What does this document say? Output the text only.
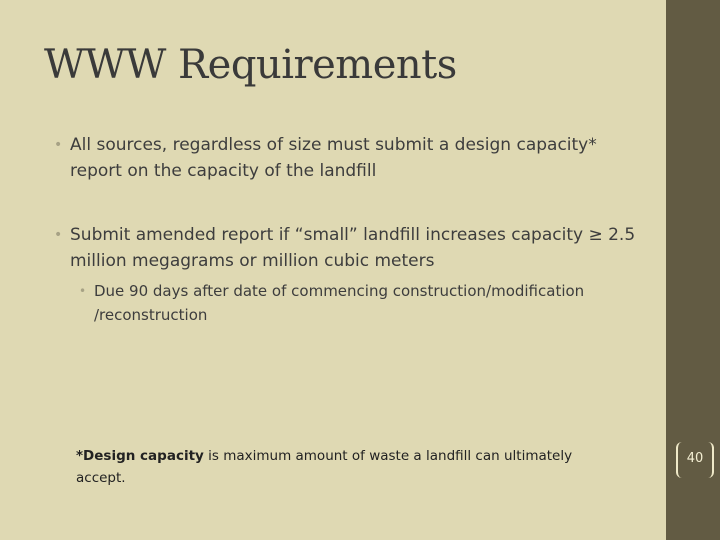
WWW Requirements
• All sources, regardless of size must submit a design capacity* report on the capacity of the landfill
• Submit amended report if “small” landfill increases capacity ≥ 2.5 million megagrams or million cubic meters
• Due 90 days after date of commencing construction/modification /reconstruction
*Design capacity is maximum amount of waste a landfill can ultimately accept.
40
